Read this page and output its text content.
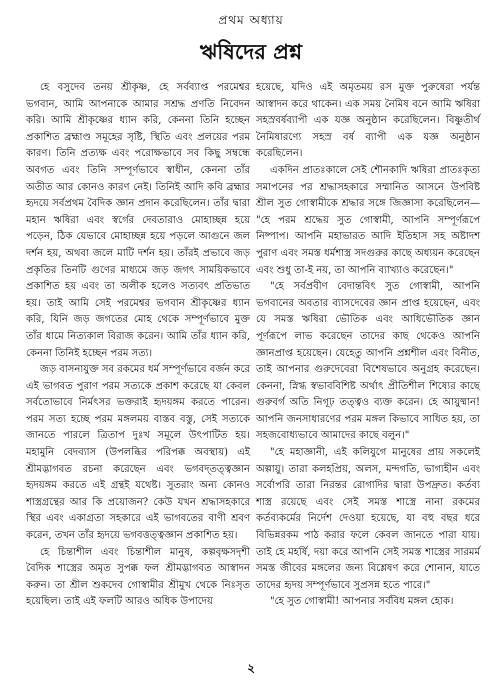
প্রথম অধ্যায়
ঋষিদের প্রশ্ন

হে বসুদেব তনয় শ্রীকৃষ্ণ, হে সর্বব্যাপ্ত পরমেশ্বর ভগবান, আমি আপনাকে আমার সশ্রদ্ধ প্রণতি নিবেদন করি। আমি শ্রীকৃষ্ণের ধ্যান করি, কেননা তিনি হচ্ছেন প্রকাশিত ব্রহ্মাণ্ড সমূহের সৃষ্টি, স্থিতি এবং প্রলয়ের পরম কারণ। তিনি প্রত্যক্ষ এবং পরোক্ষভাবে সব কিছু সম্বন্ধে অবগত এবং তিনি সম্পূর্ণভাবে স্বাধীন, কেননা তাঁর অতীত আর কোনও কারণ নেই। তিনিই আদি কবি ব্রহ্মার হৃদয়ে সর্বপ্রথম বৈদিক জ্ঞান প্রদান করেছিলেন। তাঁর দ্বারা মহান ঋষিরা এবং স্বর্গের দেবতারাও মোহাচ্ছন্ন হয়ে পড়েন, ঠিক যেভাবে মোহাচ্ছন্ন হয়ে পড়লে আগুনে জল দর্শন হয়, অথবা জলে মাটি দর্শন হয়। তাঁরই প্রভাবে জড় প্রকৃতির তিনটি গুণের মাধ্যমে জড় জগৎ সাময়িকভাবে প্রকাশিত হয় এবং তা অলীক হলেও সত্যবৎ প্রতিভাত হয়। তাই আমি সেই পরমেশ্বর ভগবান শ্রীকৃষ্ণের ধ্যান করি, যিনি জড় জগতের মোহ থেকে সম্পূর্ণভাবে মুক্ত তাঁর ধামে নিত্যকাল বিরাজ করেন। আমি তাঁর ধ্যান করি, কেননা তিনিই হচ্ছেন পরম সত্য।

জড় বাসনাযুক্ত সব রকমের ধর্ম সম্পূর্ণভাবে বর্জন করে এই ভাগবত পুরাণ পরম সত্যকে প্রকাশ করেছে যা কেবল সর্বতোভাবে নির্মৎসর ভক্তরাই হৃদয়ঙ্গম করতে পারেন। পরম সত্য হচ্ছে পরম মঙ্গলময় বাস্তব বস্তু, সেই সত্যকে জানতে পারলে ত্রিতাপ দুঃখ সমূলে উৎপাটিত হয়। মহামুনি বেদব্যাস (উপলব্ধির পরিপক্ক অবস্থায়) এই শ্রীমদ্ভাগবত রচনা করেছেন এবং ভগবদ্তত্ত্বজ্ঞান হৃদয়ঙ্গম করতে এই গ্রন্থই যথেষ্ট। সুতরাং অন্য কোনও শাস্ত্রগ্রন্থের আর কি প্রয়োজন? কেউ যখন শ্রদ্ধাসহকারে স্থির এবং একাগ্রতা সহকারে এই ভাগবতের বাণী শ্রবণ করেন, তখন তাঁর হৃদয়ে ভগবত্তত্ত্বজ্ঞান প্রকাশিত হয়।

হে চিন্তাশীল এবং চিন্তাশীল মানুষ, কল্পবৃক্ষসদৃশী বৈদিক শাস্ত্রের অমৃত সুপক্ক ফল শ্রীমদ্ভাগবত আস্বাদন করুন। তা শ্রীল শুকদেব গোস্বামীর শ্রীমুখ থেকে নিঃসৃত হয়েছিল। তাই এই ফলটি আরও অধিক উপাদেয়

হয়েছে, যদিও এই অমৃতময় রস মুক্ত পুরুষেরা পর্যন্ত আস্বাদন করে থাকেন। এক সময় নৈমিষ বনে আমি ঋষিরা সহস্রবর্ষব্যাপী এক যজ্ঞ অনুষ্ঠান করেছিলেন। বিষ্ণুতীর্থ নৈমিষারণ্যে সহস্র বর্ষ ব্যাপী এক যজ্ঞ অনুষ্ঠান করেছিলেন।

একদিন প্রাতঃকালে সেই শৌনকাদি ঋষিরা প্রাতঃকৃত্য সমাপনের পর শ্রদ্ধাসহকারে সম্মানিত আসনে উপবিষ্ট শ্রীল সুত গোস্বামীকে শ্রদ্ধার সঙ্গে জিজ্ঞাসা করেছিলেন— "হে পরম শ্রদ্ধেয় সুত গোস্বামী, আপনি সম্পূর্ণরূপে নিষ্পাপ। আপনি মহাভারত আদি ইতিহাস সহ অষ্টাদশ পুরাণ এবং সমস্ত ধর্মশাস্ত্র সদগুরুর কাছে অধ্যয়ন করেছেন এবং শুধু তা-ই নয়, তা আপনি ব্যাখ্যাও করেছেন।"

"হে সর্বপ্রবীণ বেদান্তবিৎ সুত গোস্বামী, আপনি ভগবানের অবতার ব্যাসদেবের জ্ঞান প্রাপ্ত হয়েছেন, এবং যে সমস্ত ঋষিরা ভৌতিক এবং আধিভৌতিক জ্ঞান পূর্ণরূপে লাভ করেছেন তাদের কাছ থেকেও আপনি জ্ঞানপ্রাপ্ত হয়েছেন। যেহেতু আপনি প্রশ্নশীল এবং বিনীত, তাই আপনার গুরুদেবেরা বিশেষভাবে অনুগ্রহ করেছেন। কেননা, স্নিগ্ধ স্বভাববিশিষ্ট অর্থাৎ প্রীতিশীল শিষ্যের কাছে গুরুবর্গ অতি নিগূঢ় তত্ত্বও ব্যক্ত করেন। হে আয়ুষ্মান! আপনি জনসাধারণের পরম মঙ্গল কিভাবে সাধিত হয়, তা সহজবোধ্যভাবে আমাদের কাছে বলুন।"

"হে মহাজ্ঞানী, এই কলিযুগে মানুষের প্রায় সকলেই অল্পায়ু। তারা কলহপ্রিয়, অলস, মন্দগতি, ভাগ্যহীন এবং সর্বোপরি তারা নিরন্তর রোগাদির দ্বারা উপদ্রুত। কর্তব্য শাস্ত্র রয়েছে এবং সেই সমস্ত শাস্ত্রে নানা রকমের কর্তব্যকর্মের নির্দেশ দেওয়া হয়েছে, যা বহু বছর ধরে বিভিন্নরকম পাঠ করার ফলে কেবল জানতে পারা যায়। তাই হে মহর্ষি, দয়া করে আপনি সেই সমস্ত শাস্ত্রের সারমর্ম সমস্ত জীবের মঙ্গলের জন্য বিশ্লেষণ করে শোনান, যাতে তাদের হৃদয় সম্পূর্ণভাবে সুপ্রসন্ন হতে পারে।"

"হে সুত গোস্বামী! আপনার সর্ববিধ মঙ্গল হোক।

২
